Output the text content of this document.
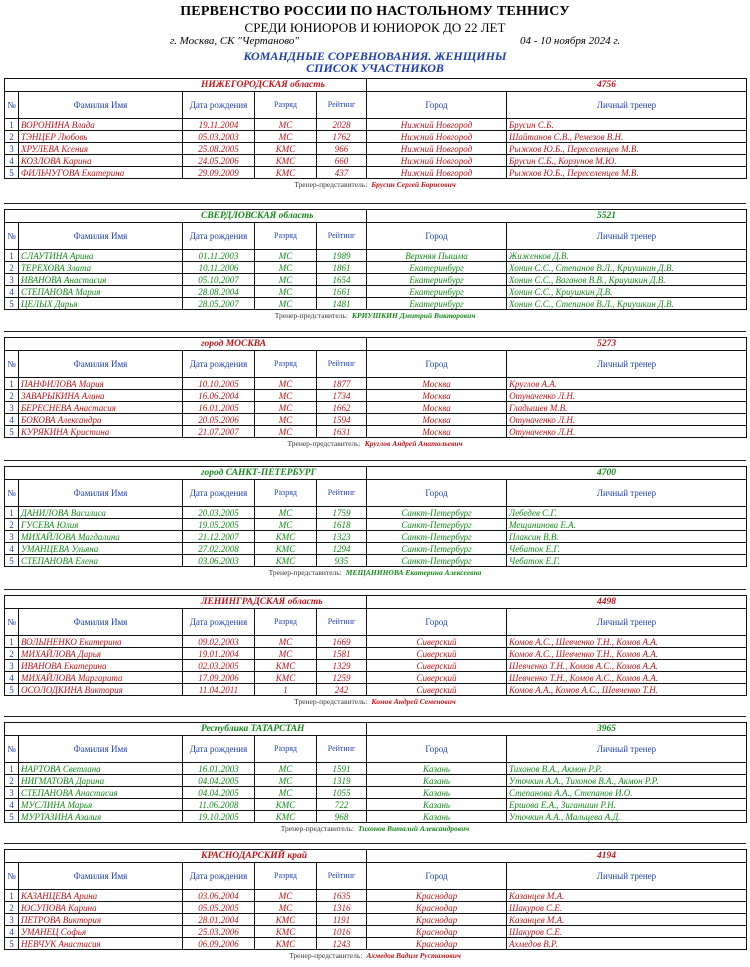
ПЕРВЕНСТВО РОССИИ ПО НАСТОЛЬНОМУ ТЕННИСУ
СРЕДИ ЮНИОРОВ И ЮНИОРОК ДО 22 ЛЕТ
г. Москва, СК "Чертаново"	04 - 10 ноября 2024 г.
КОМАНДНЫЕ СОРЕВНОВАНИЯ. ЖЕНЩИНЫ
СПИСОК УЧАСТНИКОВ
НИЖЕГОРОДСКАЯ область					4756	
№	Фамилия Имя	Дата рождения	Разряд	Рейтинг	Город	Личный тренер
1	ВОРОНИНА Влада	19.11.2004	МС	2028	Нижний Новгород	Брусин С.Б.
2	ТЭНЦЕР Любовь	05.03.2003	МС	1762	Нижний Новгород	Шайтанов С.В., Ремезов В.Н.
3	ХРУЛЕВА Ксения	25.08.2005	КМС	966	Нижний Новгород	Рыжков Ю.Б., Переселенцев М.В.
4	КОЗЛОВА Карина	24.05.2006	КМС	660	Нижний Новгород	Брусин С.Б., Корзунов М.Ю.
5	ФИЛЬЧУГОВА Екатерина	29.09.2009	КМС	437	Нижний Новгород	Рыжков Ю.Б., Переселенцев М.В.
Тренер-представитель: Брусин Сергей Борисович
СВЕРДЛОВСКАЯ область					5521	
№	Фамилия Имя	Дата рождения	Разряд	Рейтинг	Город	Личный тренер
1	СЛАУТИНА Арина	01.11.2003	МС	1989	Верхняя Пышма	Жиженков Д.В.
2	ТЕРЕХОВА Злата	10.11.2006	МС	1861	Екатеринбург	Хонин С.С., Степанов В.Л., Криушкин Д.В.
3	ИВАНОВА Анастасия	05.10.2007	МС	1654	Екатеринбург	Хонин С.С., Ваганов В.В., Криушкин Д.В.
4	СТЕПАНОВА Мария	28.08.2004	МС	1661	Екатеринбург	Хонин С.С., Криушкин Д.В.
5	ЦЕЛЫХ Дарья	28.05.2007	МС	1481	Екатеринбург	Хонин С.С., Степанов В.Л., Криушкин Д.В.
Тренер-представитель: КРИУШКИН Дмитрий Викторович
город МОСКВА					5273	
№	Фамилия Имя	Дата рождения	Разряд	Рейтинг	Город	Личный тренер
1	ПАНФИЛОВА Мария	10.10.2005	МС	1877	Москва	Круглов А.А.
2	ЗАВАРЫКИНА Алина	16.06.2004	МС	1734	Москва	Отуначенко Л.Н.
3	БЕРЕСНЕВА Анастасия	16.01.2005	МС	1662	Москва	Гладышев М.В.
4	БОКОВА Александра	20.05.2006	МС	1594	Москва	Отуначенко Л.Н.
5	КУРЯКИНА Кристина	21.07.2007	МС	1631	Москва	Отуначенко Л.Н.
Тренер-представитель: Круглов Андрей Анатольевич
город САНКТ-ПЕТЕРБУРГ					4700	
№	Фамилия Имя	Дата рождения	Разряд	Рейтинг	Город	Личный тренер
1	ДАНИЛОВА Василиса	20.03.2005	МС	1759	Санкт-Петербург	Лебедев С.Г.
2	ГУСЕВА Юлия	19.05.2005	МС	1618	Санкт-Петербург	Мещанинова Е.А.
3	МИХАЙЛОВА Магдалина	21.12.2007	КМС	1323	Санкт-Петербург	Плаксин В.В.
4	УМАНЦЕВА Ульяна	27.02.2008	КМС	1294	Санкт-Петербург	Чебаток Е.Г.
5	СТЕПАНОВА Елена	03.06.2003	КМС	935	Санкт-Петербург	Чебаток Е.Г.
Тренер-представитель: МЕЩАНИНОВА Екатерина Алексеевна
ЛЕНИНГРАДСКАЯ область					4498	
№	Фамилия Имя	Дата рождения	Разряд	Рейтинг	Город	Личный тренер
1	ВОЛЫНЕНКО Екатерина	09.02.2003	МС	1669	Сиверский	Комов А.С., Шевченко Т.Н., Комов А.А.
2	МИХАЙЛОВА Дарья	19.01.2004	МС	1581	Сиверский	Комов А.С., Шевченко Т.Н., Комов А.А.
3	ИВАНОВА Екатерина	02.03.2005	КМС	1329	Сиверский	Шевченко Т.Н., Комов А.С., Комов А.А.
4	МИХАЙЛОВА Маргарита	17.09.2006	КМС	1259	Сиверский	Шевченко Т.Н., Комов А.С., Комов А.А.
5	ОСОЛОДКИНА Виктория	11.04.2011	1	242	Сиверский	Комов А.А., Комов А.С., Шевченко Т.Н.
Тренер-представитель: Комов Андрей Семенович
Республика ТАТАРСТАН					3965	
№	Фамилия Имя	Дата рождения	Разряд	Рейтинг	Город	Личный тренер
1	НАРТОВА Светлана	16.01.2003	МС	1591	Казань	Тихонов В.А., Акмон Р.Р.
2	НИГМАТОВА Дарина	04.04.2005	МС	1319	Казань	Уточкин А.А., Тихонов В.А., Акмон Р.Р.
3	СТЕПАНОВА Анастасия	04.04.2005	МС	1055	Казань	Степанова А.А., Степанов И.О.
4	МУСЛИНА Марья	11.06.2008	КМС	722	Казань	Ершова Е.А., Зиганшин Р.Н.
5	МУРТАЗИНА Азалия	19.10.2005	КМС	968	Казань	Уточкин А.А., Мальцева А.Д.
Тренер-представитель: Тихонов Виталий Александрович
КРАСНОДАРСКИЙ край					4194	
№	Фамилия Имя	Дата рождения	Разряд	Рейтинг	Город	Личный тренер
1	КАЗАНЦЕВА Арина	03.06.2004	МС	1635	Краснодар	Казанцев М.А.
2	ЮСУПОВА Карина	05.05.2005	МС	1316	Краснодар	Шакуров С.Е.
3	ПЕТРОВА Виктория	28.01.2004	КМС	1191	Краснодар	Казанцев М.А.
4	УМАНЕЦ Софья	25.03.2006	КМС	1016	Краснодар	Шакуров С.Е.
5	НЕВЧУК Анастасия	06.09.2006	КМС	1243	Краснодар	Ахмедов В.Р.
Тренер-представитель: Ахмедов Вадим Рустамович
